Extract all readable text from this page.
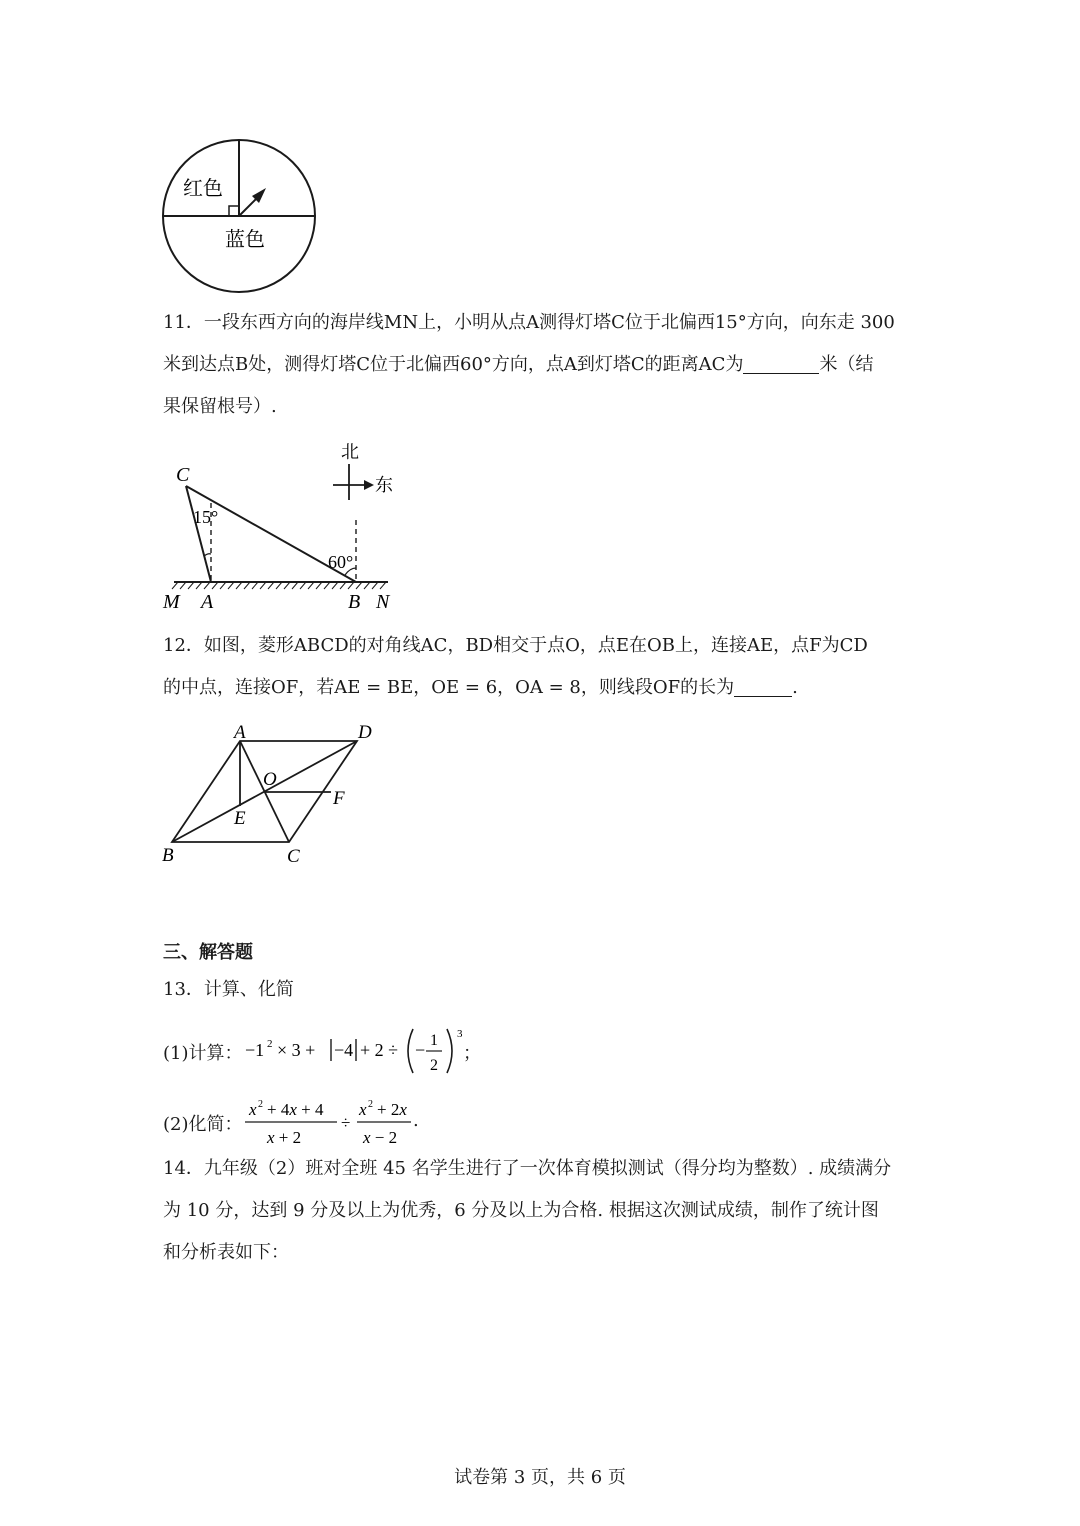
红色
蓝色
11．一段东西方向的海岸线MN上，小明从点A测得灯塔C位于北偏西15°方向，向东走 300
米到达点B处，测得灯塔C位于北偏西60°方向，点A到灯塔C的距离AC为	米（结
果保留根号）.
北
东
C
15°
60°
M A	B N
12．如图，菱形ABCD的对角线AC，BD相交于点O，点E在OB上，连接AE，点F为CD
的中点，连接OF，若AE = BE，OE = 6，OA = 8，则线段OF的长为	.
A	D
O
F
E
B	C
三、解答题
13．计算、化简
(1)计算： −1 2 × 3 + −4 + 2 ÷ − 1
2
3
；
(2)化简：
x 2 + 4x + 4
x + 2
÷
x 2 + 2x
x − 2
.
14．九年级（2）班对全班 45 名学生进行了一次体育模拟测试（得分均为整数）. 成绩满分
为 10 分，达到 9 分及以上为优秀，6 分及以上为合格. 根据这次测试成绩，制作了统计图
和分析表如下：
试卷第 3 页，共 6 页
